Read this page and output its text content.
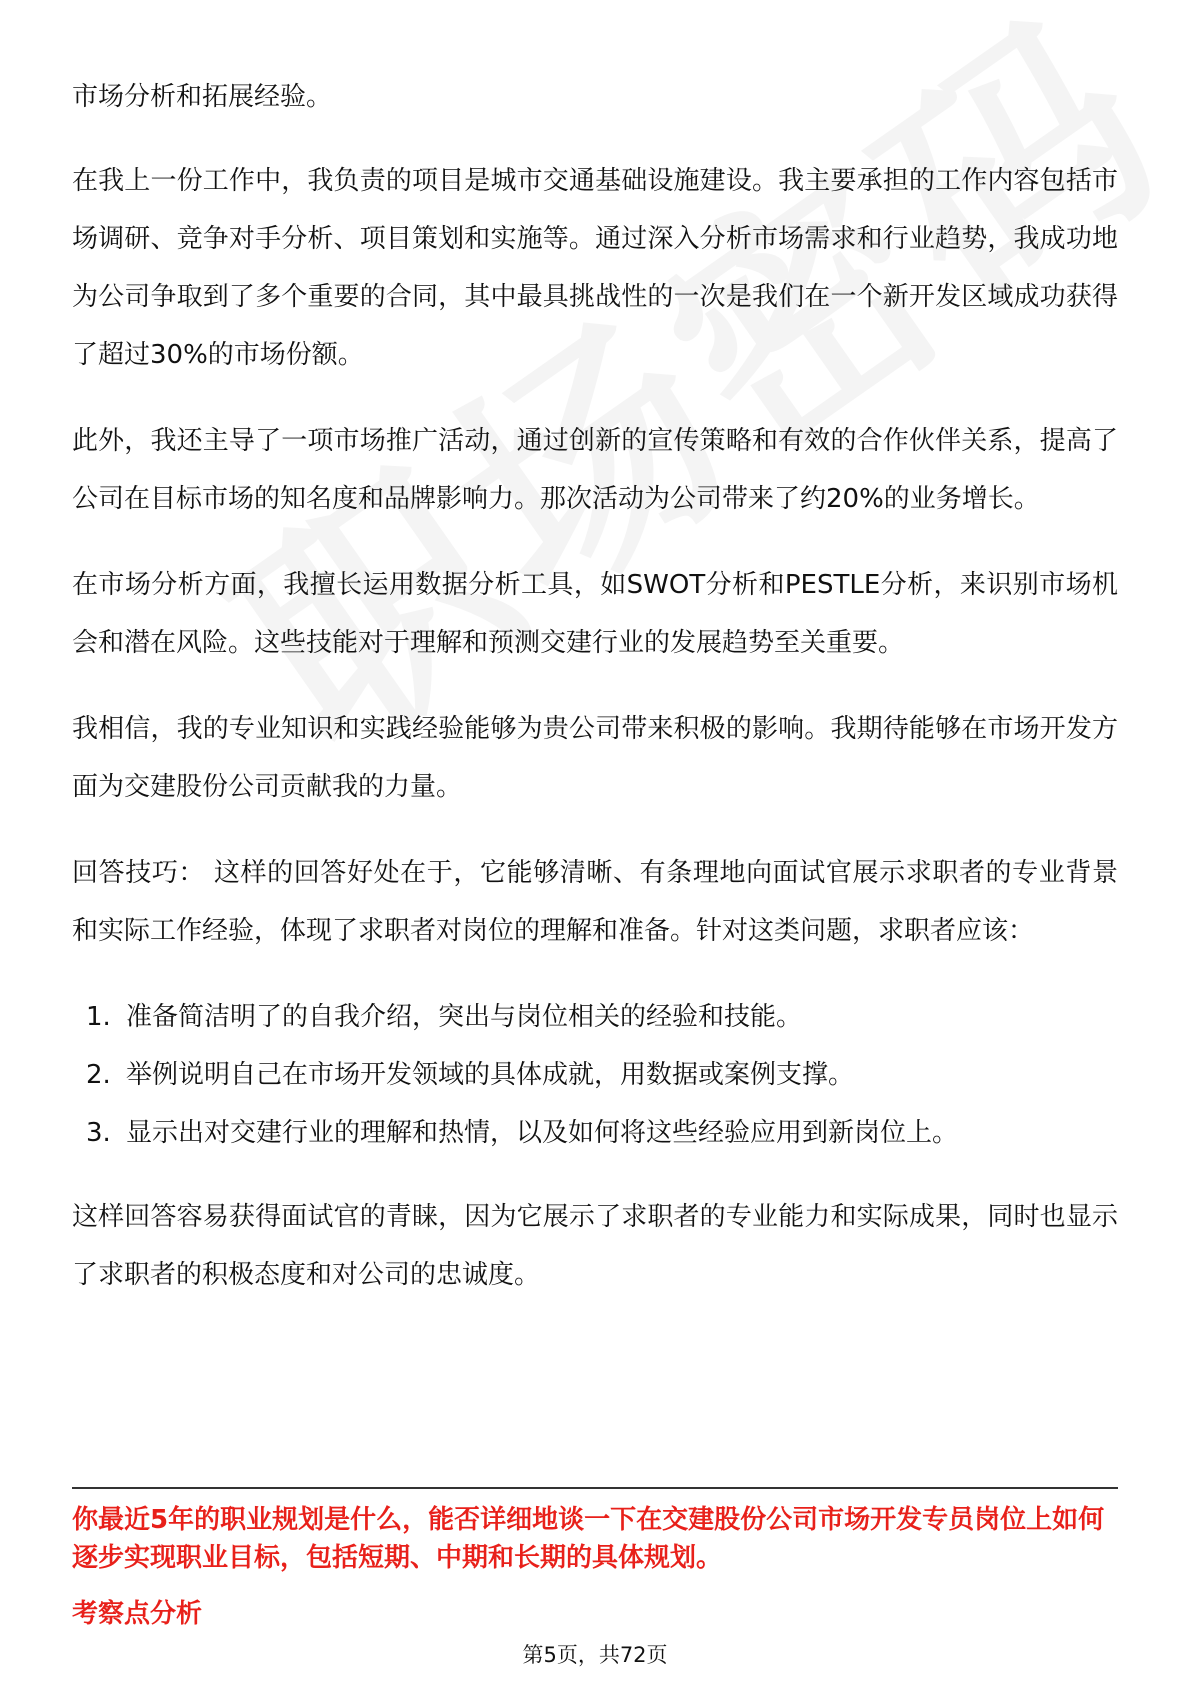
市场分析和拓展经验。

在我上一份工作中，我负责的项目是城市交通基础设施建设。我主要承担的工作内容包括市场调研、竞争对手分析、项目策划和实施等。通过深入分析市场需求和行业趋势，我成功地为公司争取到了多个重要的合同，其中最具挑战性的一次是我们在一个新开发区域成功获得了超过30%的市场份额。

此外，我还主导了一项市场推广活动，通过创新的宣传策略和有效的合作伙伴关系，提高了公司在目标市场的知名度和品牌影响力。那次活动为公司带来了约20%的业务增长。

在市场分析方面，我擅长运用数据分析工具，如SWOT分析和PESTLE分析，来识别市场机会和潜在风险。这些技能对于理解和预测交建行业的发展趋势至关重要。

我相信，我的专业知识和实践经验能够为贵公司带来积极的影响。我期待能够在市场开发方面为交建股份公司贡献我的力量。

回答技巧： 这样的回答好处在于，它能够清晰、有条理地向面试官展示求职者的专业背景和实际工作经验，体现了求职者对岗位的理解和准备。针对这类问题，求职者应该：

1. 准备简洁明了的自我介绍，突出与岗位相关的经验和技能。
2. 举例说明自己在市场开发领域的具体成就，用数据或案例支撑。
3. 显示出对交建行业的理解和热情，以及如何将这些经验应用到新岗位上。

这样回答容易获得面试官的青睐，因为它展示了求职者的专业能力和实际成果，同时也显示了求职者的积极态度和对公司的忠诚度。

你最近5年的职业规划是什么，能否详细地谈一下在交建股份公司市场开发专员岗位上如何逐步实现职业目标，包括短期、中期和长期的具体规划。
考察点分析
第5页，共72页
